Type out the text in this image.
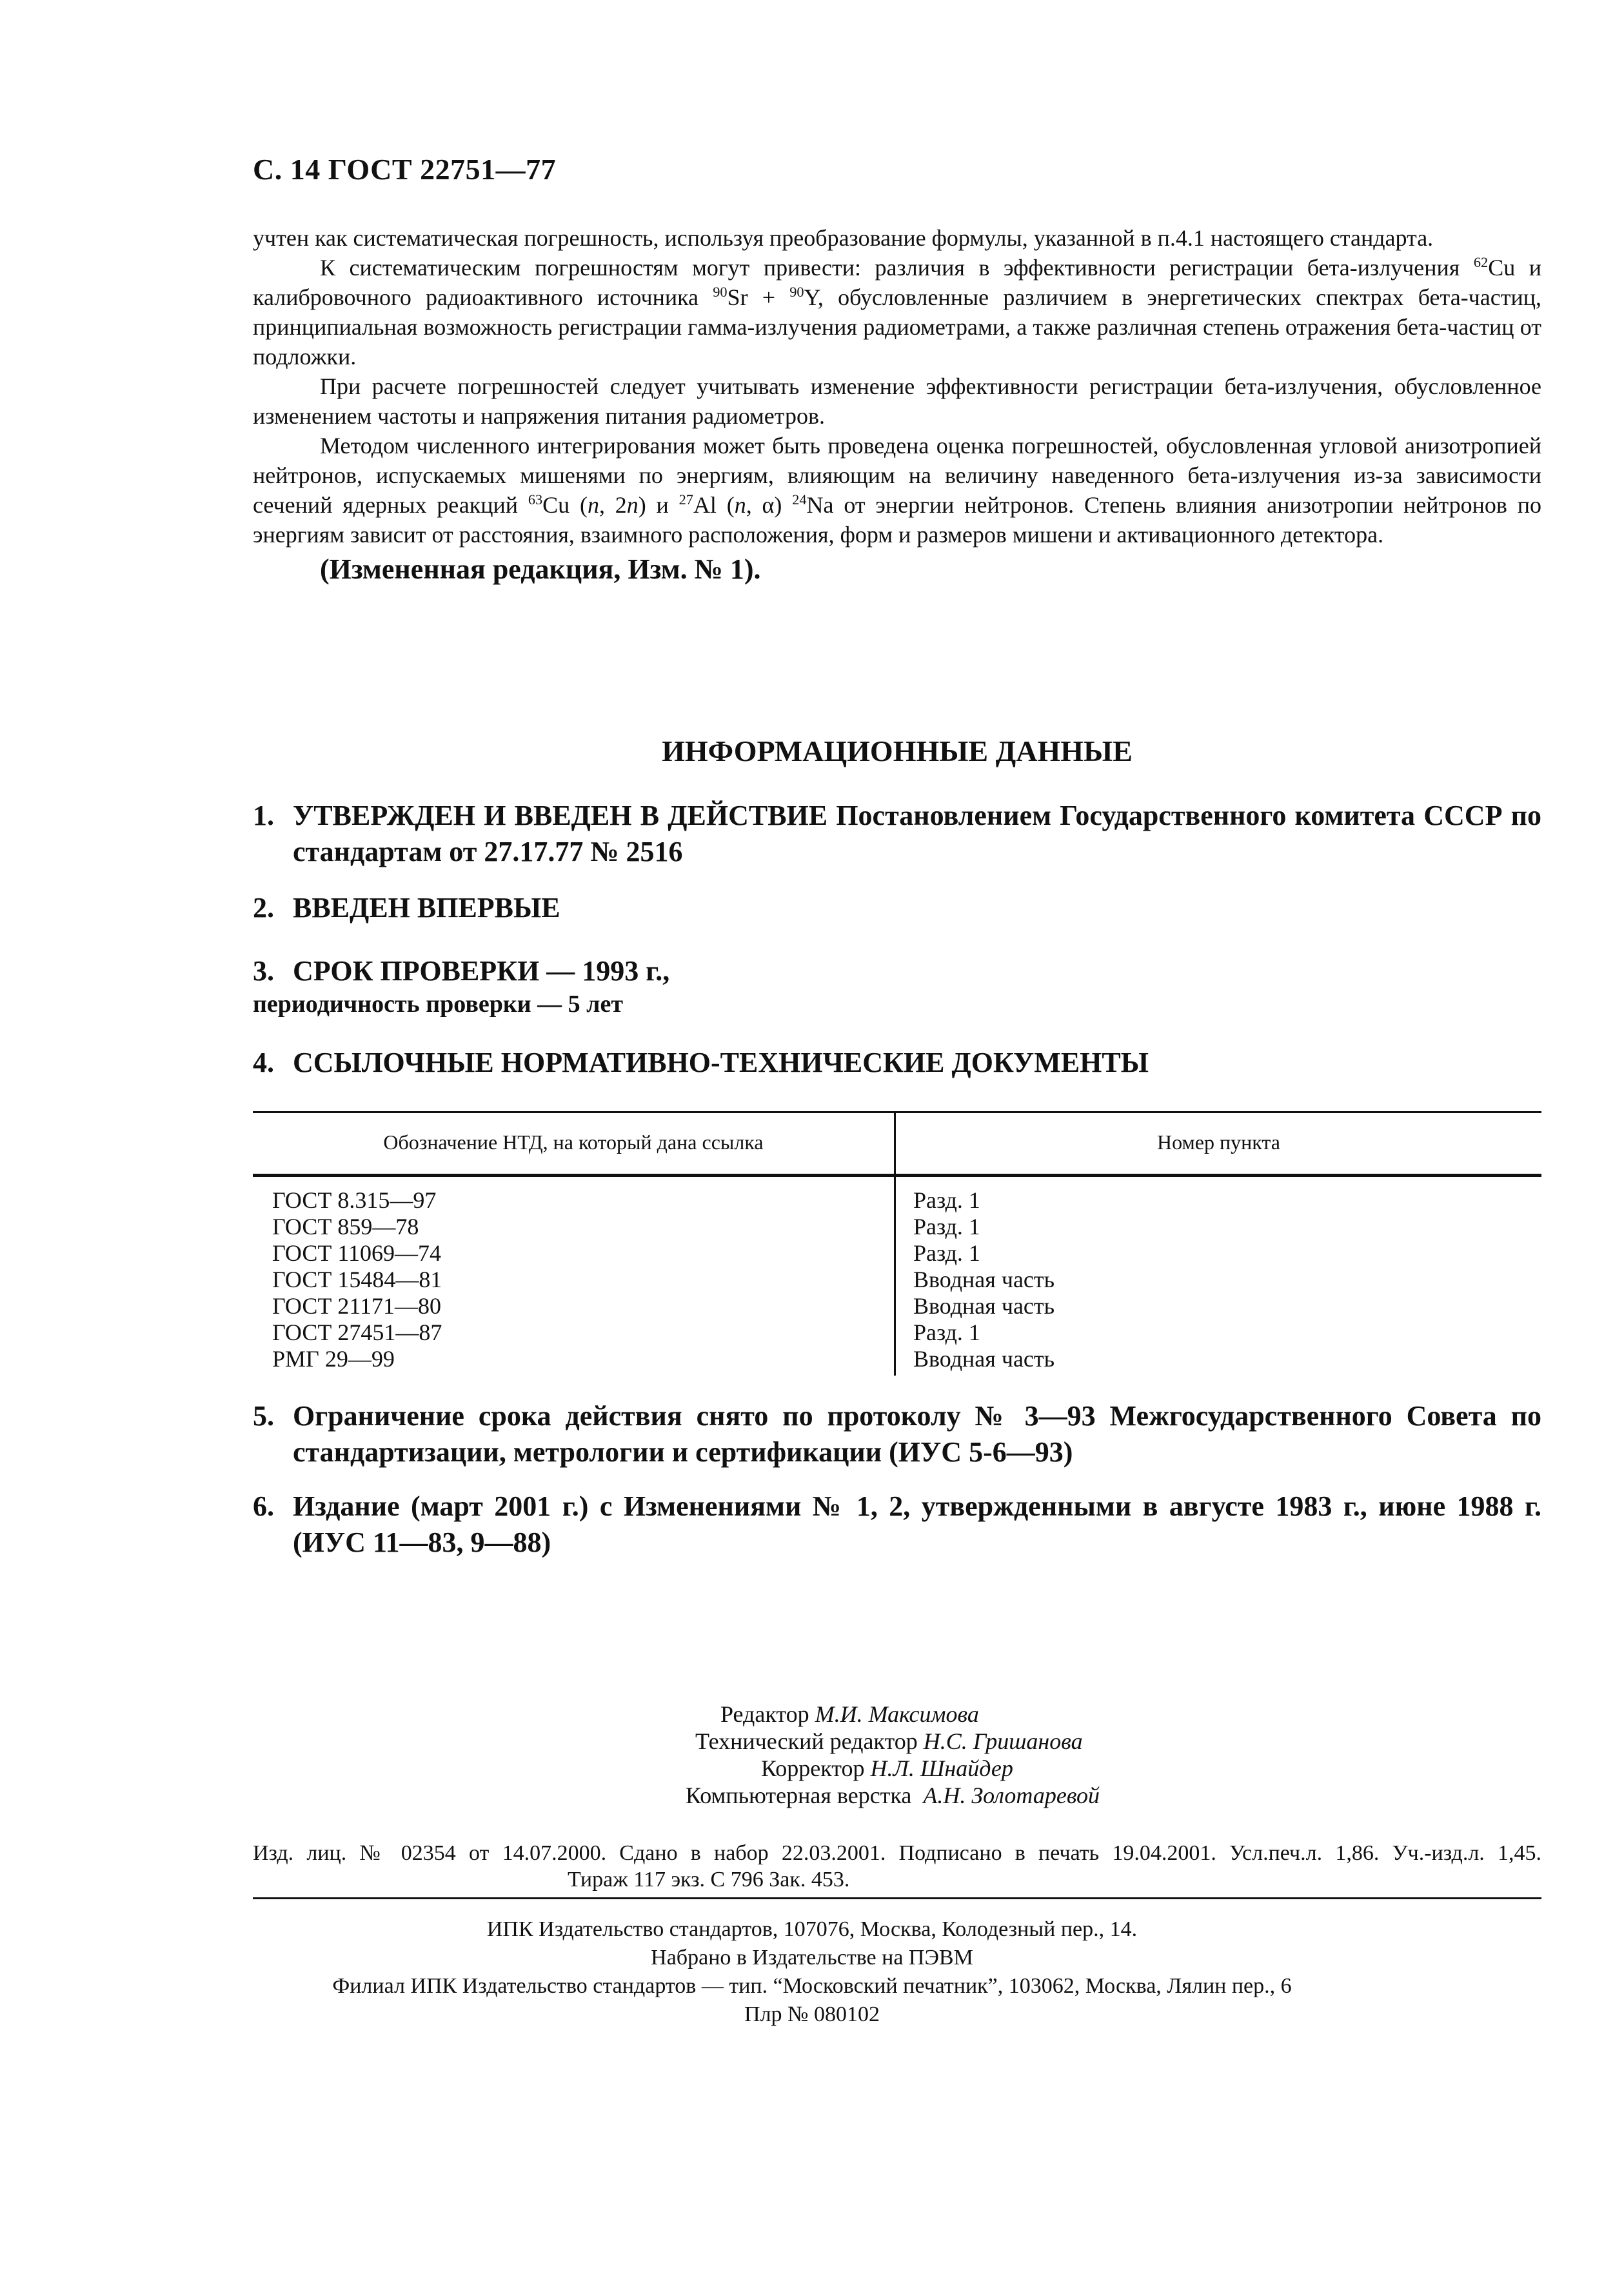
С. 14 ГОСТ 22751—77

учтен как систематическая погрешность, используя преобразование формулы, указанной в п.4.1 настоящего стандарта.

К систематическим погрешностям могут привести: различия в эффективности регистрации бета-излучения $^{62}$Cu и калибровочного радиоактивного источника $^{90}$Sr + $^{90}$Y, обусловленные различием в энергетических спектрах бета-частиц, принципиальная возможность регистрации гамма-излучения радиометрами, а также различная степень отражения бета-частиц от подложки.

При расчете погрешностей следует учитывать изменение эффективности регистрации бета-излучения, обусловленное изменением частоты и напряжения питания радиометров.

Методом численного интегрирования может быть проведена оценка погрешностей, обусловленная угловой анизотропией нейтронов, испускаемых мишенями по энергиям, влияющим на величину наведенного бета-излучения из-за зависимости сечений ядерных реакций $^{63}$Cu (n, 2n) и $^{27}$Al (n, α) $^{24}$Na от энергии нейтронов. Степень влияния анизотропии нейтронов по энергиям зависит от расстояния, взаимного расположения, форм и размеров мишени и активационного детектора.

(Измененная редакция, Изм. № 1).

ИНФОРМАЦИОННЫЕ ДАННЫЕ
1. УТВЕРЖДЕН И ВВЕДЕН В ДЕЙСТВИЕ Постановлением Государственного комитета СССР по стандартам от 27.17.77 № 2516
2. ВВЕДЕН ВПЕРВЫЕ
3. СРОК ПРОВЕРКИ — 1993 г.,
периодичность проверки — 5 лет
4. ССЫЛОЧНЫЕ НОРМАТИВНО-ТЕХНИЧЕСКИЕ ДОКУМЕНТЫ
Обозначение НТД, на который дана ссылка	Номер пункта
ГОСТ 8.315—97
ГОСТ 859—78
ГОСТ 11069—74
ГОСТ 15484—81
ГОСТ 21171—80
ГОСТ 27451—87
РМГ 29—99
Разд. 1
Разд. 1
Разд. 1
Вводная часть
Вводная часть
Разд. 1
Вводная часть
5. Ограничение срока действия снято по протоколу № 3—93 Межгосударственного Совета по стандартизации, метрологии и сертификации (ИУС 5-6—93)
6. Издание (март 2001 г.) с Изменениями № 1, 2, утвержденными в августе 1983 г., июне 1988 г. (ИУС 11—83, 9—88)
Редактор М.И. Максимова
Технический редактор Н.С. Гришанова
Корректор Н.Л. Шнайдер
Компьютерная верстка А.Н. Золотаревой
Изд. лиц. № 02354 от 14.07.2000. Сдано в набор 22.03.2001. Подписано в печать 19.04.2001. Усл.печ.л. 1,86. Уч.-изд.л. 1,45.
Тираж 117 экз. С 796 Зак. 453.
ИПК Издательство стандартов, 107076, Москва, Колодезный пер., 14.
Набрано в Издательстве на ПЭВМ
Филиал ИПК Издательство стандартов — тип. “Московский печатник”, 103062, Москва, Лялин пер., 6
Плр № 080102
